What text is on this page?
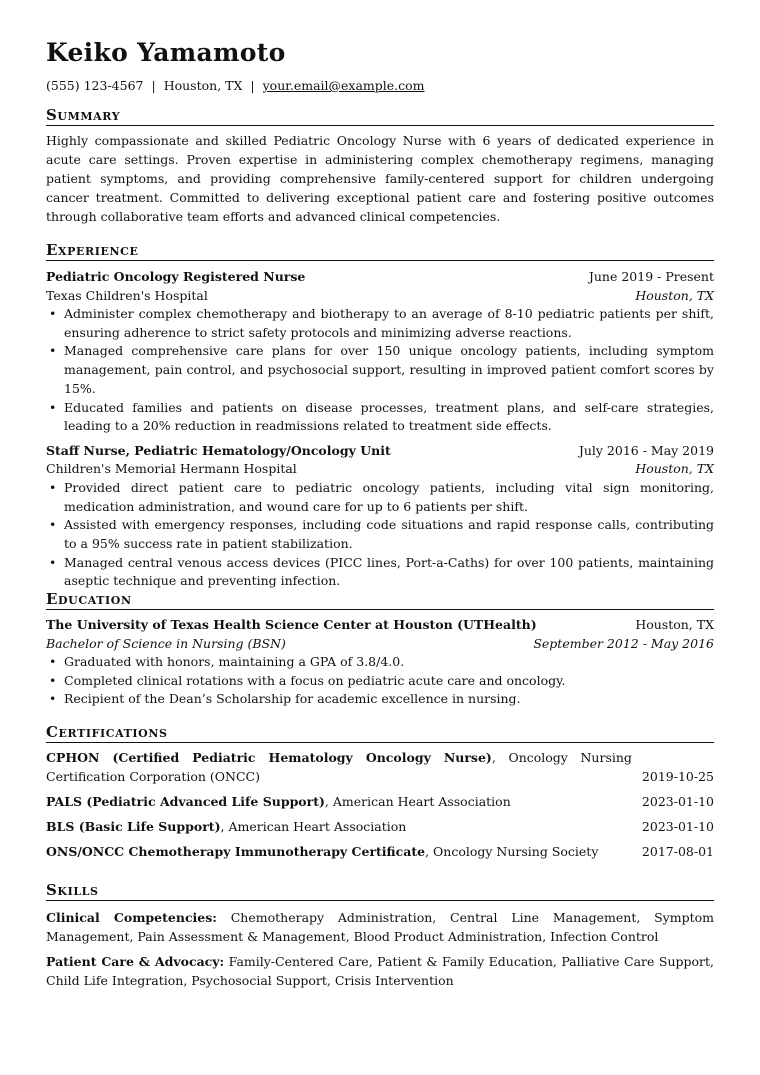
Keiko Yamamoto
(555) 123-4567 | Houston, TX | your.email@example.com
Summary
Highly compassionate and skilled Pediatric Oncology Nurse with 6 years of dedicated experience in acute care settings. Proven expertise in administering complex chemotherapy regimens, managing patient symptoms, and providing comprehensive family-centered support for children undergoing cancer treatment. Committed to delivering exceptional patient care and fostering positive outcomes through collaborative team efforts and advanced clinical competencies.
Experience
Pediatric Oncology Registered Nurse	June 2019 - Present
Texas Children's Hospital	Houston, TX
• Administer complex chemotherapy and biotherapy to an average of 8-10 pediatric patients per shift, ensuring adherence to strict safety protocols and minimizing adverse reactions.
• Managed comprehensive care plans for over 150 unique oncology patients, including symptom management, pain control, and psychosocial support, resulting in improved patient comfort scores by 15%.
• Educated families and patients on disease processes, treatment plans, and self-care strategies, leading to a 20% reduction in readmissions related to treatment side effects.
Staff Nurse, Pediatric Hematology/Oncology Unit	July 2016 - May 2019
Children's Memorial Hermann Hospital	Houston, TX
• Provided direct patient care to pediatric oncology patients, including vital sign monitoring, medication administration, and wound care for up to 6 patients per shift.
• Assisted with emergency responses, including code situations and rapid response calls, contributing to a 95% success rate in patient stabilization.
• Managed central venous access devices (PICC lines, Port-a-Caths) for over 100 patients, maintaining aseptic technique and preventing infection.
Education
The University of Texas Health Science Center at Houston (UTHealth)	Houston, TX
Bachelor of Science in Nursing (BSN)	September 2012 - May 2016
• Graduated with honors, maintaining a GPA of 3.8/4.0.
• Completed clinical rotations with a focus on pediatric acute care and oncology.
• Recipient of the Dean’s Scholarship for academic excellence in nursing.
Certifications
CPHON (Certified Pediatric Hematology Oncology Nurse), Oncology Nursing Certification Corporation (ONCC)	2019-10-25
PALS (Pediatric Advanced Life Support), American Heart Association	2023-01-10
BLS (Basic Life Support), American Heart Association	2023-01-10
ONS/ONCC Chemotherapy Immunotherapy Certificate, Oncology Nursing Society	2017-08-01
Skills
Clinical Competencies: Chemotherapy Administration, Central Line Management, Symptom Management, Pain Assessment & Management, Blood Product Administration, Infection Control
Patient Care & Advocacy: Family-Centered Care, Patient & Family Education, Palliative Care Support, Child Life Integration, Psychosocial Support, Crisis Intervention
